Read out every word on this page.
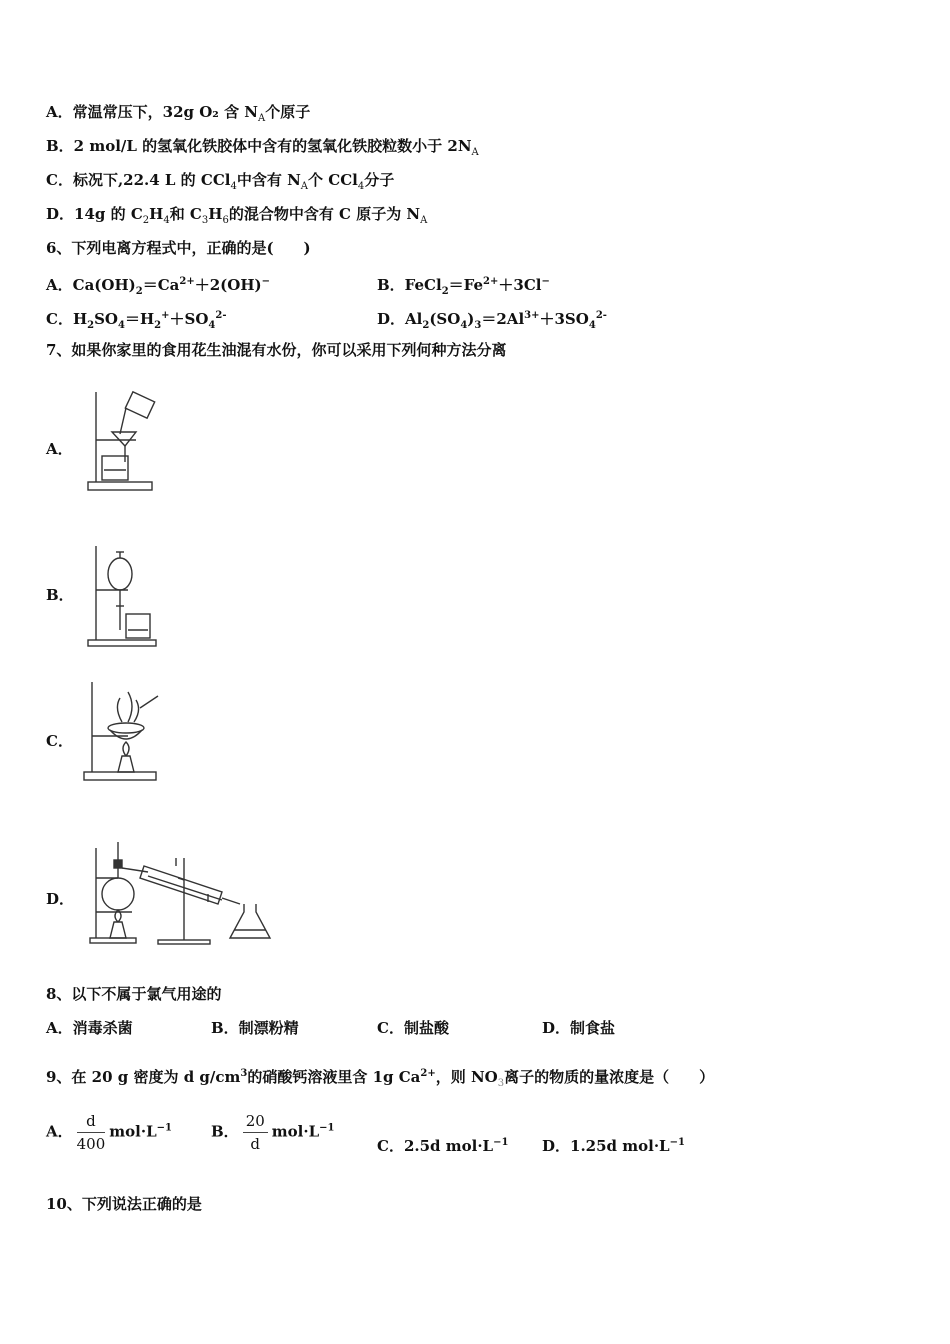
A．常温常压下，32g O₂ 含 $N_A$个原子
B．2 mol/L 的氢氧化铁胶体中含有的氢氧化铁胶粒数小于 $2N_A$
C．标况下,22.4 L 的 CCl$_4$中含有 $N_A$个 CCl$_4$分子
D．14g 的 $C_2H_4$和 $C_3H_6$的混合物中含有 C 原子为 $N_A$
6、下列电离方程式中，正确的是(　　)
A．$Ca(OH)_2=Ca^{2+}+2(OH)^-$	B．$FeCl_2=Fe^{2+}+3Cl^-$
C．$H_2SO_4=H_2^++SO_4^{2-}$	D．$Al_2(SO_4)_3=2Al^{3+}+3SO_4^{2-}$
7、如果你家里的食用花生油混有水份，你可以采用下列何种方法分离
A．
B．
C．
D．
8、以下不属于氯气用途的
A．消毒杀菌	B．制漂粉精	C．制盐酸	D．制食盐
9、在 20 g 密度为 d $g/cm^3$的硝酸钙溶液里含 1g $Ca^{2+}$，则 $NO_3$离子的物质的量浓度是（　　）
A． $\frac{d}{400} mol\cdot L^{-1}$	B． $\frac{20}{d} mol\cdot L^{-1}$
C．2.5d $mol\cdot L^{-1}$ D．1.25d $mol\cdot L^{-1}$
10、下列说法正确的是
